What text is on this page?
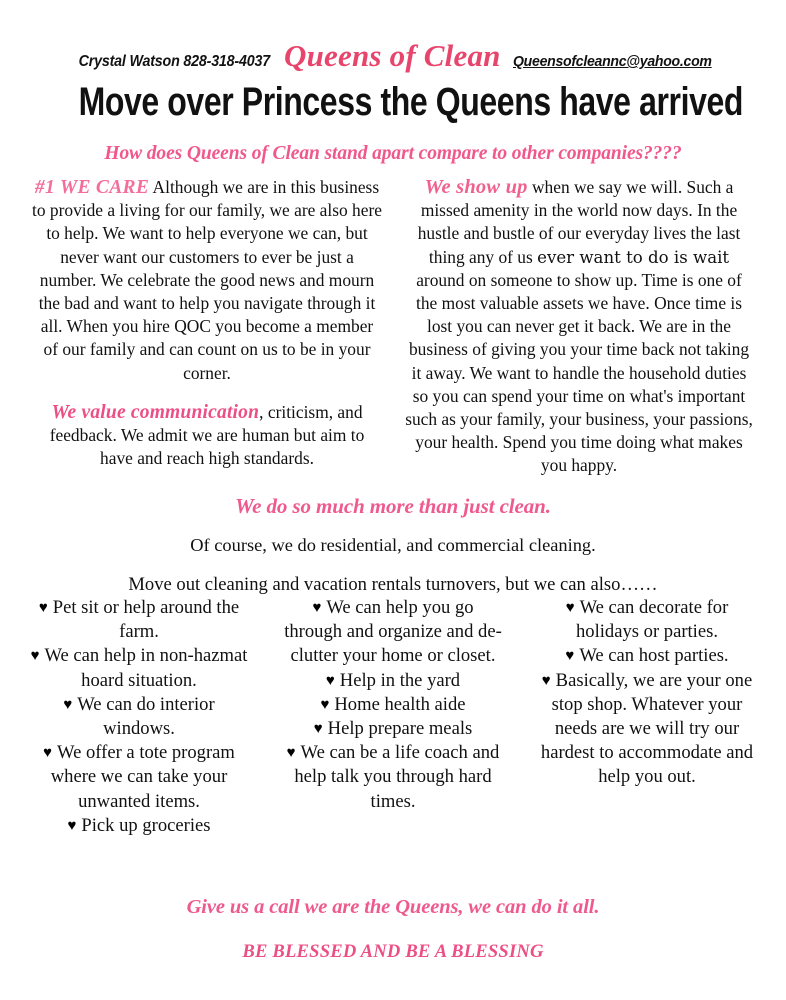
Crystal Watson 828-318-4037 Queens of Clean Queensofcleannc@yahoo.com
Move over Princess the Queens have arrived
How does Queens of Clean stand apart compare to other companies????

#1 WE CARE Although we are in this business to provide a living for our family, we are also here to help. We want to help everyone we can, but never want our customers to ever be just a number. We celebrate the good news and mourn the bad and want to help you navigate through it all. When you hire QOC you become a member of our family and can count on us to be in your corner.

We value communication, criticism, and feedback. We admit we are human but aim to have and reach high standards.

We show up when we say we will. Such a missed amenity in the world now days. In the hustle and bustle of our everyday lives the last thing any of us ever want to do is wait around on someone to show up. Time is one of the most valuable assets we have. Once time is lost you can never get it back. We are in the business of giving you your time back not taking it away. We want to handle the household duties so you can spend your time on what's important such as your family, your business, your passions, your health. Spend you time doing what makes you happy.

We do so much more than just clean.
Of course, we do residential, and commercial cleaning.
Move out cleaning and vacation rentals turnovers, but we can also……
♥ Pet sit or help around the farm.
♥ We can help in non-hazmat hoard situation.
♥ We can do interior windows.
♥ We offer a tote program where we can take your unwanted items.
♥ Pick up groceries
♥ We can help you go through and organize and de-clutter your home or closet.
♥ Help in the yard
♥ Home health aide
♥ Help prepare meals
♥ We can be a life coach and help talk you through hard times.
♥ We can decorate for holidays or parties.
♥ We can host parties.
♥ Basically, we are your one stop shop. Whatever your needs are we will try our hardest to accommodate and help you out.
Give us a call we are the Queens, we can do it all.
BE BLESSED AND BE A BLESSING
